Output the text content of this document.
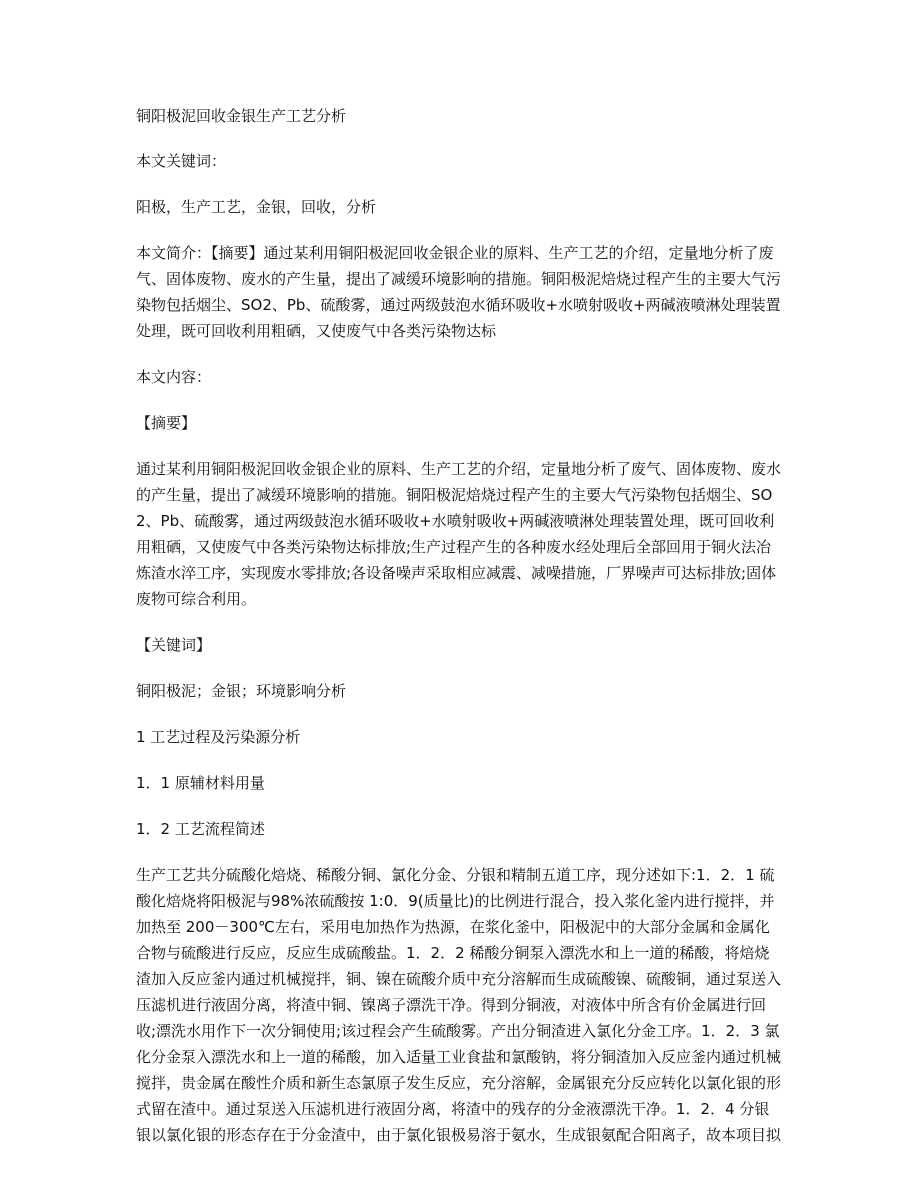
铜阳极泥回收金银生产工艺分析

本文关键词：

阳极，生产工艺，金银，回收，分析

本文简介：【摘要】通过某利用铜阳极泥回收金银企业的原料、生产工艺的介绍，定量地分析了废气、固体废物、废水的产生量，提出了减缓环境影响的措施。铜阳极泥焙烧过程产生的主要大气污染物包括烟尘、SO2、Pb、硫酸雾，通过两级鼓泡水循环吸收+水喷射吸收+两碱液喷淋处理装置处理，既可回收利用粗硒，又使废气中各类污染物达标

本文内容：

【摘要】

通过某利用铜阳极泥回收金银企业的原料、生产工艺的介绍，定量地分析了废气、固体废物、废水的产生量，提出了减缓环境影响的措施。铜阳极泥焙烧过程产生的主要大气污染物包括烟尘、SO2、Pb、硫酸雾，通过两级鼓泡水循环吸收+水喷射吸收+两碱液喷淋处理装置处理，既可回收利用粗硒，又使废气中各类污染物达标排放;生产过程产生的各种废水经处理后全部回用于铜火法冶炼渣水淬工序，实现废水零排放;各设备噪声采取相应减震、减噪措施，厂界噪声可达标排放;固体废物可综合利用。

【关键词】

铜阳极泥；金银；环境影响分析

1 工艺过程及污染源分析

1．1 原辅材料用量

1．2 工艺流程简述

生产工艺共分硫酸化焙烧、稀酸分铜、氯化分金、分银和精制五道工序，现分述如下:1．2．1 硫酸化焙烧将阳极泥与98%浓硫酸按 1:0．9(质量比)的比例进行混合，投入浆化釜内进行搅拌，并加热至 200－300℃左右，采用电加热作为热源，在浆化釜中，阳极泥中的大部分金属和金属化合物与硫酸进行反应，反应生成硫酸盐。1．2．2 稀酸分铜泵入漂洗水和上一道的稀酸，将焙烧渣加入反应釜内通过机械搅拌，铜、镍在硫酸介质中充分溶解而生成硫酸镍、硫酸铜，通过泵送入压滤机进行液固分离，将渣中铜、镍离子漂洗干净。得到分铜液，对液体中所含有价金属进行回收;漂洗水用作下一次分铜使用;该过程会产生硫酸雾。产出分铜渣进入氯化分金工序。1．2．3 氯化分金泵入漂洗水和上一道的稀酸，加入适量工业食盐和氯酸钠，将分铜渣加入反应釜内通过机械搅拌，贵金属在酸性介质和新生态氯原子发生反应，充分溶解，金属银充分反应转化以氯化银的形式留在渣中。通过泵送入压滤机进行液固分离，将渣中的残存的分金液漂洗干净。1．2．4 分银银以氯化银的形态存在于分金渣中，由于氯化银极易溶于氨水，生成银氨配合阳离子，故本项目拟
